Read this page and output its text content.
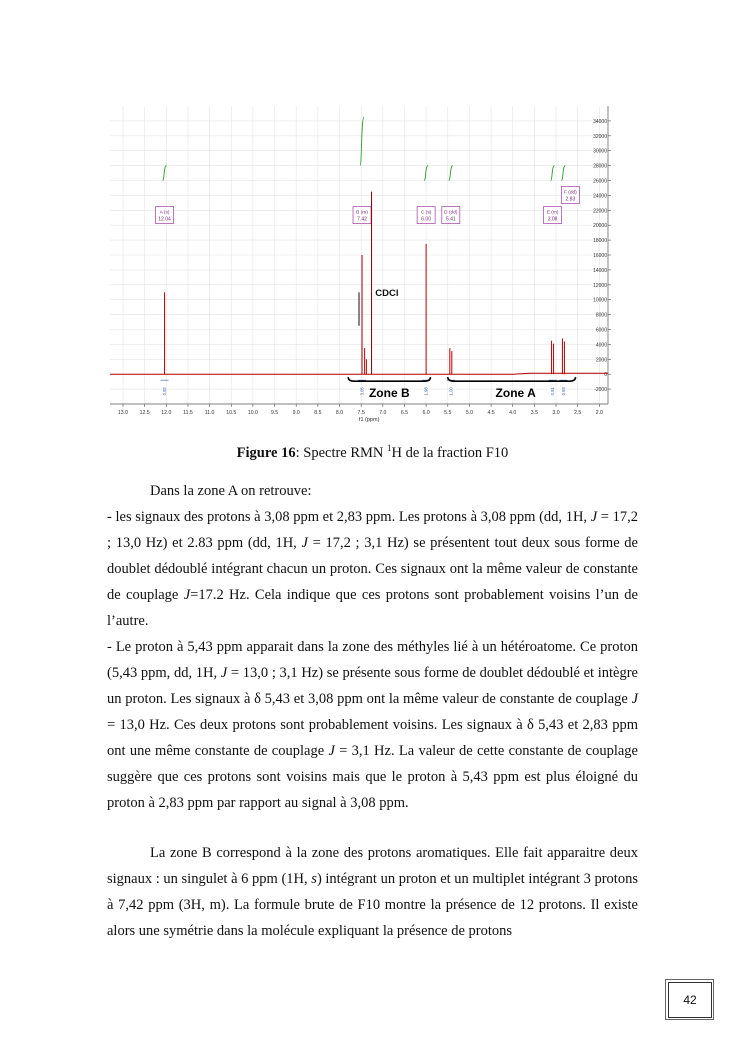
34000
32000
30000
28000
26000
24000
22000
20000
18000
16000
14000
12000
10000
8000
6000
4000
2000
0
-2000
13.0 12.5 12.0 11.5 11.0 10.5 10.0 9.5	9.0	8.5	8.0	7.5	7.0	6.5	6.0	5.5	5.0	4.5	4.0	3.5	3.0	2.5	2.0
f1 (ppm)
A (s)
12.04
0.92
B (m)
7.42
3.05
C (s)
6.00
1.98
D (dd)
5.41
1.00
E (m)
3.08
0.91
F (dd)
2.83
0.93
CDCl
Zone B	Zone A
Figure 16: Spectre RMN $^1$H de la fraction F10

Dans la zone A on retrouve:

- les signaux des protons à 3,08 ppm et 2,83 ppm. Les protons à 3,08 ppm (dd, 1H, J = 17,2 ; 13,0 Hz) et 2.83 ppm (dd, 1H, J = 17,2 ; 3,1 Hz) se présentent tout deux sous forme de doublet dédoublé intégrant chacun un proton. Ces signaux ont la même valeur de constante de couplage J=17.2 Hz. Cela indique que ces protons sont probablement voisins l’un de l’autre.

- Le proton à 5,43 ppm apparait dans la zone des méthyles lié à un hétéroatome. Ce proton (5,43 ppm, dd, 1H, J = 13,0 ; 3,1 Hz) se présente sous forme de doublet dédoublé et intègre un proton. Les signaux à δ 5,43 et 3,08 ppm ont la même valeur de constante de couplage J = 13,0 Hz. Ces deux protons sont probablement voisins. Les signaux à δ 5,43 et 2,83 ppm ont une même constante de couplage J = 3,1 Hz. La valeur de cette constante de couplage suggère que ces protons sont voisins mais que le proton à 5,43 ppm est plus éloigné du proton à 2,83 ppm par rapport au signal à 3,08 ppm.

La zone B correspond à la zone des protons aromatiques. Elle fait apparaitre deux signaux : un singulet à 6 ppm (1H, s) intégrant un proton et un multiplet intégrant 3 protons à 7,42 ppm (3H, m). La formule brute de F10 montre la présence de 12 protons. Il existe alors une symétrie dans la molécule expliquant la présence de protons

42
